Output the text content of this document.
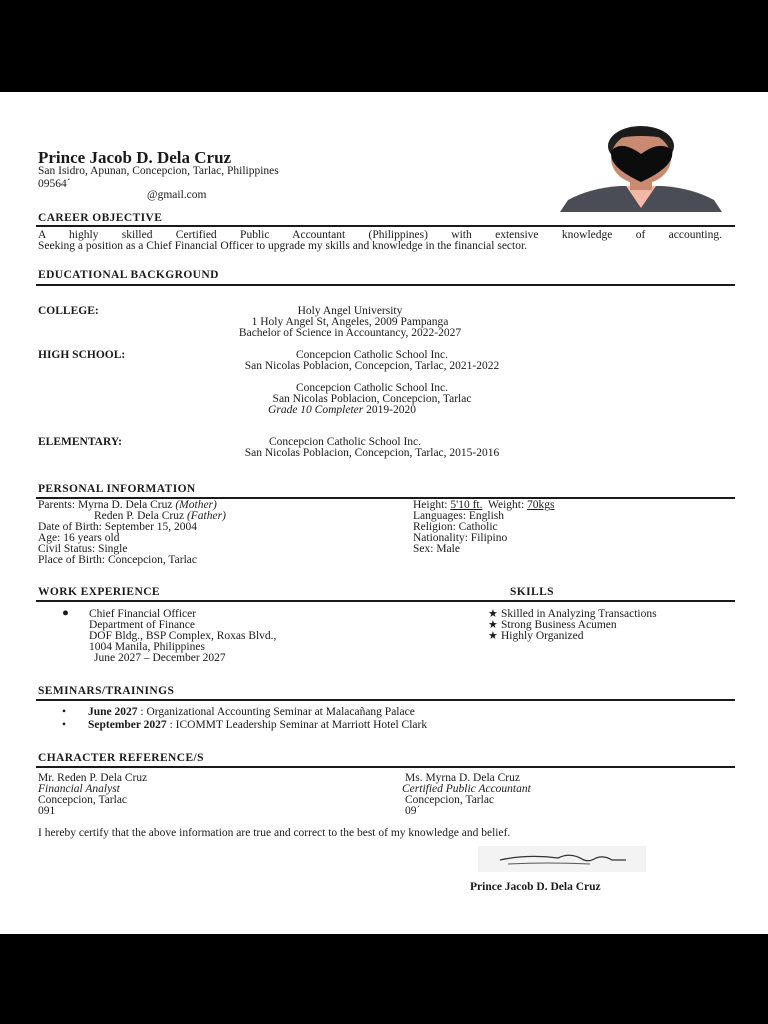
Prince Jacob D. Dela Cruz
San Isidro, Apunan, Concepcion, Tarlac, Philippines
09564´
@gmail.com
CAREER OBJECTIVE
A highly skilled Certified Public Accountant (Philippines) with extensive knowledge of accounting.
Seeking a position as a Chief Financial Officer to upgrade my skills and knowledge in the financial sector.
EDUCATIONAL BACKGROUND
COLLEGE:	Holy Angel University
1 Holy Angel St, Angeles, 2009 Pampanga
Bachelor of Science in Accountancy, 2022-2027
HIGH SCHOOL:	Concepcion Catholic School Inc.
San Nicolas Poblacion, Concepcion, Tarlac, 2021-2022
Concepcion Catholic School Inc.
San Nicolas Poblacion, Concepcion, Tarlac
Grade 10 Completer 2019-2020
ELEMENTARY:	Concepcion Catholic School Inc.
San Nicolas Poblacion, Concepcion, Tarlac, 2015-2016
PERSONAL INFORMATION
Parents: Myrna D. Dela Cruz (Mother)
Reden P. Dela Cruz (Father)
Date of Birth: September 15, 2004
Age: 16 years old
Civil Status: Single
Place of Birth: Concepcion, Tarlac
Height: 5'10 ft.  Weight: 70kgs
Languages: English
Religion: Catholic
Nationality: Filipino
Sex: Male
WORK EXPERIENCE	SKILLS
● Chief Financial Officer
Department of Finance
DOF Bldg., BSP Complex, Roxas Blvd.,
1004 Manila, Philippines
June 2027 – December 2027
★ Skilled in Analyzing Transactions
★ Strong Business Acumen
★ Highly Organized
SEMINARS/TRAININGS
• June 2027 : Organizational Accounting Seminar at Malacañang Palace
• September 2027 : ICOMMT Leadership Seminar at Marriott Hotel Clark
CHARACTER REFERENCE/S
Mr. Reden P. Dela Cruz
Financial Analyst
Concepcion, Tarlac
091
Ms. Myrna D. Dela Cruz
Certified Public Accountant
Concepcion, Tarlac
09´
I hereby certify that the above information are true and correct to the best of my knowledge and belief.
Prince Jacob D. Dela Cruz
